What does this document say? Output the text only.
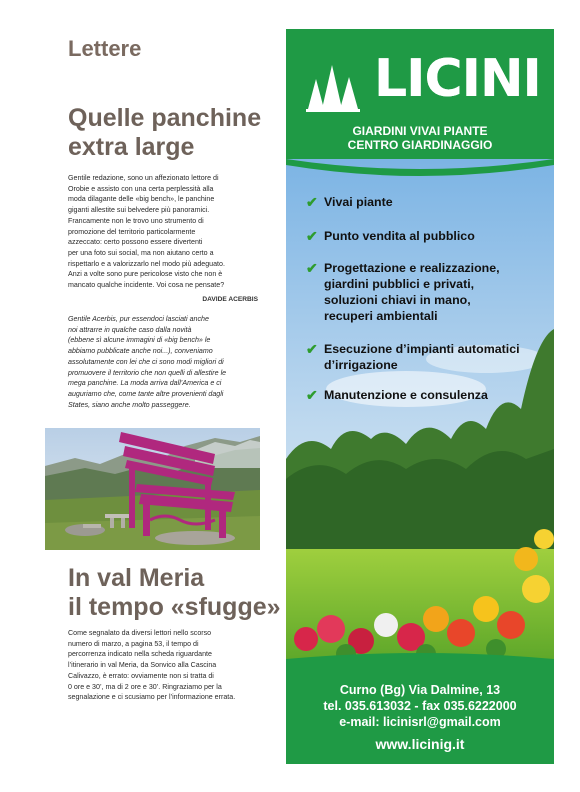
Lettere
Quelle panchine
extra large
Gentile redazione, sono un affezionato lettore di
Orobie e assisto con una certa perplessità alla
moda dilagante delle «big bench», le panchine
giganti allestite sui belvedere più panoramici.
Francamente non le trovo uno strumento di
promozione del territorio particolarmente
azzeccato: certo possono essere divertenti
per una foto sui social, ma non aiutano certo a
rispettarlo e a valorizzarlo nel modo più adeguato.
Anzi a volte sono pure pericolose visto che non è
mancato qualche incidente. Voi cosa ne pensate?
DAVIDE ACERBIS
Gentile Acerbis, pur essendoci lasciati anche
noi attrarre in qualche caso dalla novità
(ebbene sì alcune immagini di «big bench» le
abbiamo pubblicate anche noi...), conveniamo
assolutamente con lei che ci sono modi migliori di
promuovere il territorio che non quelli di allestire le
mega panchine. La moda arriva dall’America e ci
auguriamo che, come tante altre provenienti dagli
States, siano anche molto passeggere.
In val Meria
il tempo «sfugge»
Come segnalato da diversi lettori nello scorso
numero di marzo, a pagina 53, il tempo di
percorrenza indicato nella scheda riguardante
l’itinerario in val Meria, da Sonvico alla Cascina
Calivazzo, è errato: ovviamente non si tratta di
0 ore e 30’, ma di 2 ore e 30’. Ringraziamo per la
segnalazione e ci scusiamo per l’informazione errata.
LICINI
GIARDINI VIVAI PIANTE
CENTRO GIARDINAGGIO
✔ Vivai piante
✔ Punto vendita al pubblico
✔ Progettazione e realizzazione,
giardini pubblici e privati,
soluzioni chiavi in mano,
recuperi ambientali
✔ Esecuzione d’impianti automatici
d’irrigazione
✔ Manutenzione e consulenza
Curno (Bg) Via Dalmine, 13
tel. 035.613032 - fax 035.6222000
e-mail: licinisrl@gmail.com
www.licinig.it
